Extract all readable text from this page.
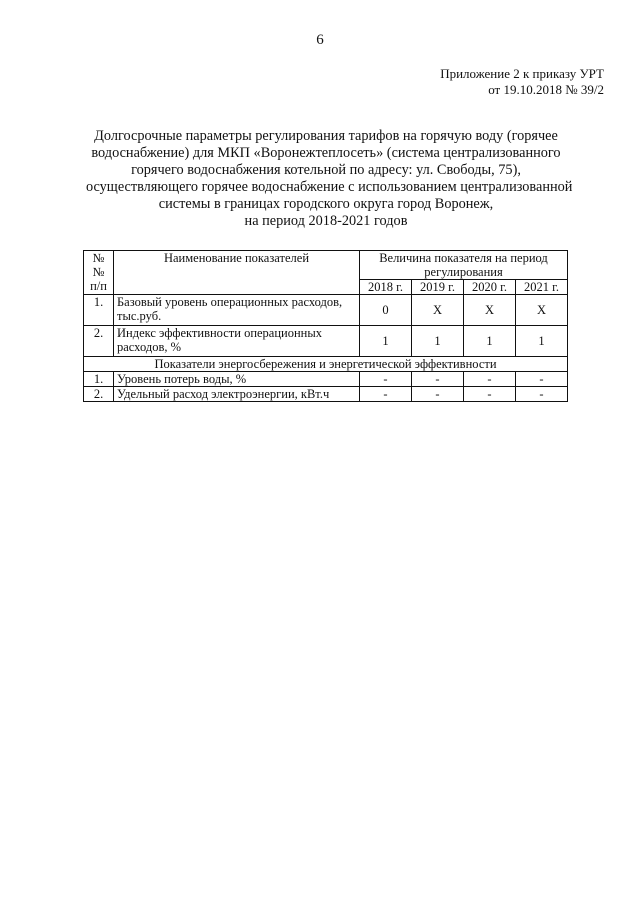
6
Приложение 2 к приказу УРТ
от 19.10.2018 № 39/2
Долгосрочные параметры регулирования тарифов на горячую воду (горячее
водоснабжение) для МКП «Воронежтеплосеть» (система централизованного
горячего водоснабжения котельной по адресу: ул. Свободы, 75),
осуществляющего горячее водоснабжение с использованием централизованной
системы в границах городского округа город Воронеж,
на период 2018-2021 годов
№№ п/п	Наименование показателей	Величина показателя на период регулирования			
		2018 г.	2019 г.	2020 г.	2021 г.
1.	Базовый уровень операционных расходов, тыс.руб.	0	X	X	X
2.	Индекс эффективности операционных расходов, %	1	1	1	1
Показатели энергосбережения и энергетической эффективности					
1.	Уровень потерь воды, %	-	-	-	-
2.	Удельный расход электроэнергии, кВт.ч	-	-	-	-
